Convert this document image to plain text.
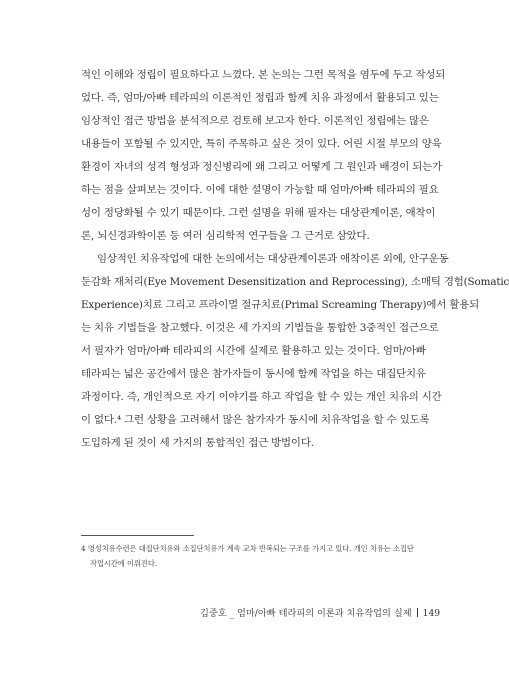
적인 이해와 정립이 필요하다고 느꼈다. 본 논의는 그런 목적을 염두에 두고 작성되
었다. 즉, 엄마/아빠 테라피의 이론적인 정립과 함께 치유 과정에서 활용되고 있는
임상적인 접근 방법을 분석적으로 검토해 보고자 한다. 이론적인 정립에는 많은
내용들이 포함될 수 있지만, 특히 주목하고 싶은 것이 있다. 어린 시절 부모의 양육
환경이 자녀의 성격 형성과 정신병리에 왜 그리고 어떻게 그 원인과 배경이 되는가
하는 점을 살펴보는 것이다. 이에 대한 설명이 가능할 때 엄마/아빠 테라피의 필요
성이 정당화될 수 있기 때문이다. 그런 설명을 위해 필자는 대상관계이론, 애착이
론, 뇌신경과학이론 등 여러 심리학적 연구들을 그 근거로 삼았다.
임상적인 치유작업에 대한 논의에서는 대상관계이론과 애착이론 외에, 안구운동
둔감화 재처리(Eye Movement Desensitization and Reprocessing), 소매틱 경험(Somatic
Experience)치료 그리고 프라이멀 절규치료(Primal Screaming Therapy)에서 활용되
는 치유 기법들을 참고했다. 이것은 세 가지의 기법들을 통합한 3중적인 접근으로
서 필자가 엄마/아빠 테라피의 시간에 실제로 활용하고 있는 것이다. 엄마/아빠
테라피는 넓은 공간에서 많은 참가자들이 동시에 함께 작업을 하는 대집단치유
과정이다. 즉, 개인적으로 자기 이야기를 하고 작업을 할 수 있는 개인 치유의 시간
이 없다.⁴ 그런 상황을 고려해서 많은 참가자가 동시에 치유작업을 할 수 있도록
도입하게 된 것이 세 가지의 통합적인 접근 방법이다.
4 영성치유수련은 대집단치유와 소집단치유가 계속 교차 반복되는 구조를 가지고 있다. 개인 치유는 소집단
작업시간에 이뤄진다.
김중호 _ 엄마/아빠 테라피의 이론과 치유작업의 실제 149
